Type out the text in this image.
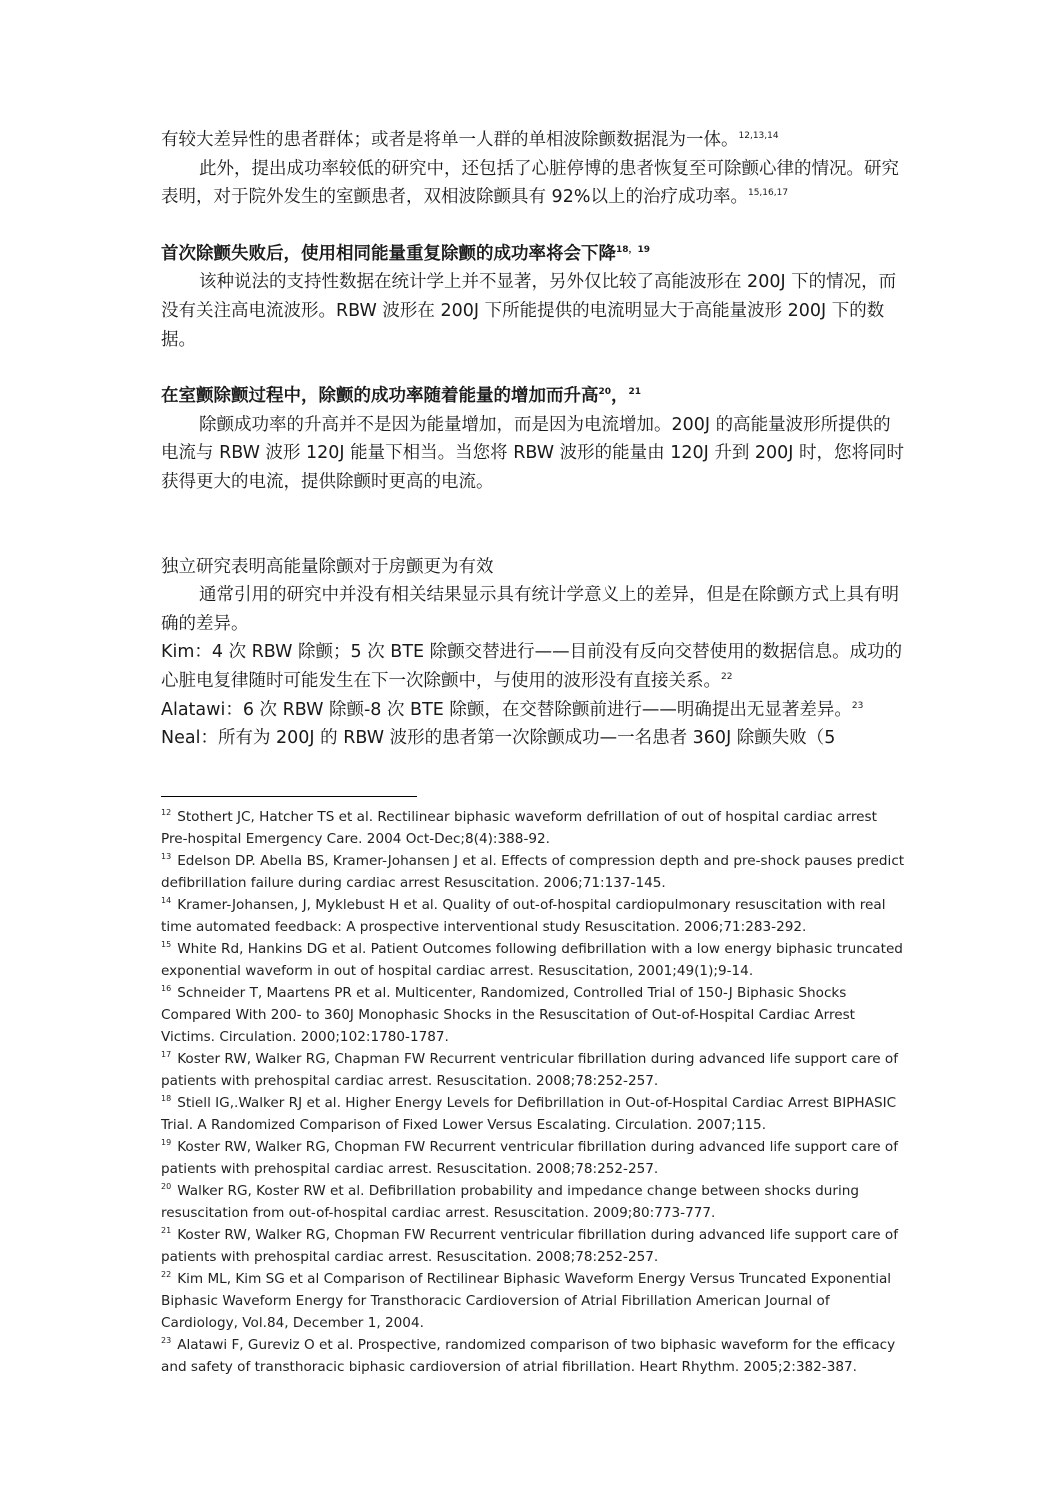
有较大差异性的患者群体；或者是将单一人群的单相波除颤数据混为一体。$^{12,13,14}$

此外，提出成功率较低的研究中，还包括了心脏停博的患者恢复至可除颤心律的情况。研究表明，对于院外发生的室颤患者，双相波除颤具有 92%以上的治疗成功率。$^{15,16,17}$

首次除颤失败后，使用相同能量重复除颤的成功率将会下降$^{18,19}$

该种说法的支持性数据在统计学上并不显著，另外仅比较了高能波形在 200J 下的情况，而没有关注高电流波形。RBW 波形在 200J 下所能提供的电流明显大于高能量波形 200J 下的数据。

在室颤除颤过程中，除颤的成功率随着能量的增加而升高$^{20}$，$^{21}$

除颤成功率的升高并不是因为能量增加，而是因为电流增加。200J 的高能量波形所提供的电流与 RBW 波形 120J 能量下相当。当您将 RBW 波形的能量由 120J 升到 200J 时，您将同时获得更大的电流，提供除颤时更高的电流。

独立研究表明高能量除颤对于房颤更为有效

通常引用的研究中并没有相关结果显示具有统计学意义上的差异，但是在除颤方式上具有明确的差异。

Kim：4 次 RBW 除颤；5 次 BTE 除颤交替进行——目前没有反向交替使用的数据信息。成功的心脏电复律随时可能发生在下一次除颤中，与使用的波形没有直接关系。$^{22}$

Alatawi：6 次 RBW 除颤-8 次 BTE 除颤，在交替除颤前进行——明确提出无显著差异。$^{23}$

Neal：所有为 200J 的 RBW 波形的患者第一次除颤成功—一名患者 360J 除颤失败（5

$^{12}$ Stothert JC, Hatcher TS et al. Rectilinear biphasic waveform defrillation of out of hospital cardiac arrest Pre-hospital Emergency Care. 2004 Oct-Dec;8(4):388-92.

$^{13}$ Edelson DP. Abella BS, Kramer-Johansen J et al. Effects of compression depth and pre-shock pauses predict defibrillation failure during cardiac arrest Resuscitation. 2006;71:137-145.

$^{14}$ Kramer-Johansen, J, Myklebust H et al. Quality of out-of-hospital cardiopulmonary resuscitation with real time automated feedback: A prospective interventional study Resuscitation. 2006;71:283-292.

$^{15}$ White Rd, Hankins DG et al. Patient Outcomes following defibrillation with a low energy biphasic truncated exponential waveform in out of hospital cardiac arrest. Resuscitation, 2001;49(1);9-14.

$^{16}$ Schneider T, Maartens PR et al. Multicenter, Randomized, Controlled Trial of 150-J Biphasic Shocks Compared With 200- to 360J Monophasic Shocks in the Resuscitation of Out-of-Hospital Cardiac Arrest Victims. Circulation. 2000;102:1780-1787.

$^{17}$ Koster RW, Walker RG, Chapman FW Recurrent ventricular fibrillation during advanced life support care of patients with prehospital cardiac arrest. Resuscitation. 2008;78:252-257.

$^{18}$ Stiell IG,.Walker RJ et al. Higher Energy Levels for Defibrillation in Out-of-Hospital Cardiac Arrest BIPHASIC Trial. A Randomized Comparison of Fixed Lower Versus Escalating. Circulation. 2007;115.

$^{19}$ Koster RW, Walker RG, Chopman FW Recurrent ventricular fibrillation during advanced life support care of patients with prehospital cardiac arrest. Resuscitation. 2008;78:252-257.

$^{20}$ Walker RG, Koster RW et al. Defibrillation probability and impedance change between shocks during resuscitation from out-of-hospital cardiac arrest. Resuscitation. 2009;80:773-777.

$^{21}$ Koster RW, Walker RG, Chopman FW Recurrent ventricular fibrillation during advanced life support care of patients with prehospital cardiac arrest. Resuscitation. 2008;78:252-257.

$^{22}$ Kim ML, Kim SG et al Comparison of Rectilinear Biphasic Waveform Energy Versus Truncated Exponential Biphasic Waveform Energy for Transthoracic Cardioversion of Atrial Fibrillation American Journal of Cardiology, Vol.84, December 1, 2004.

$^{23}$ Alatawi F, Gureviz O et al. Prospective, randomized comparison of two biphasic waveform for the efficacy and safety of transthoracic biphasic cardioversion of atrial fibrillation. Heart Rhythm. 2005;2:382-387.
